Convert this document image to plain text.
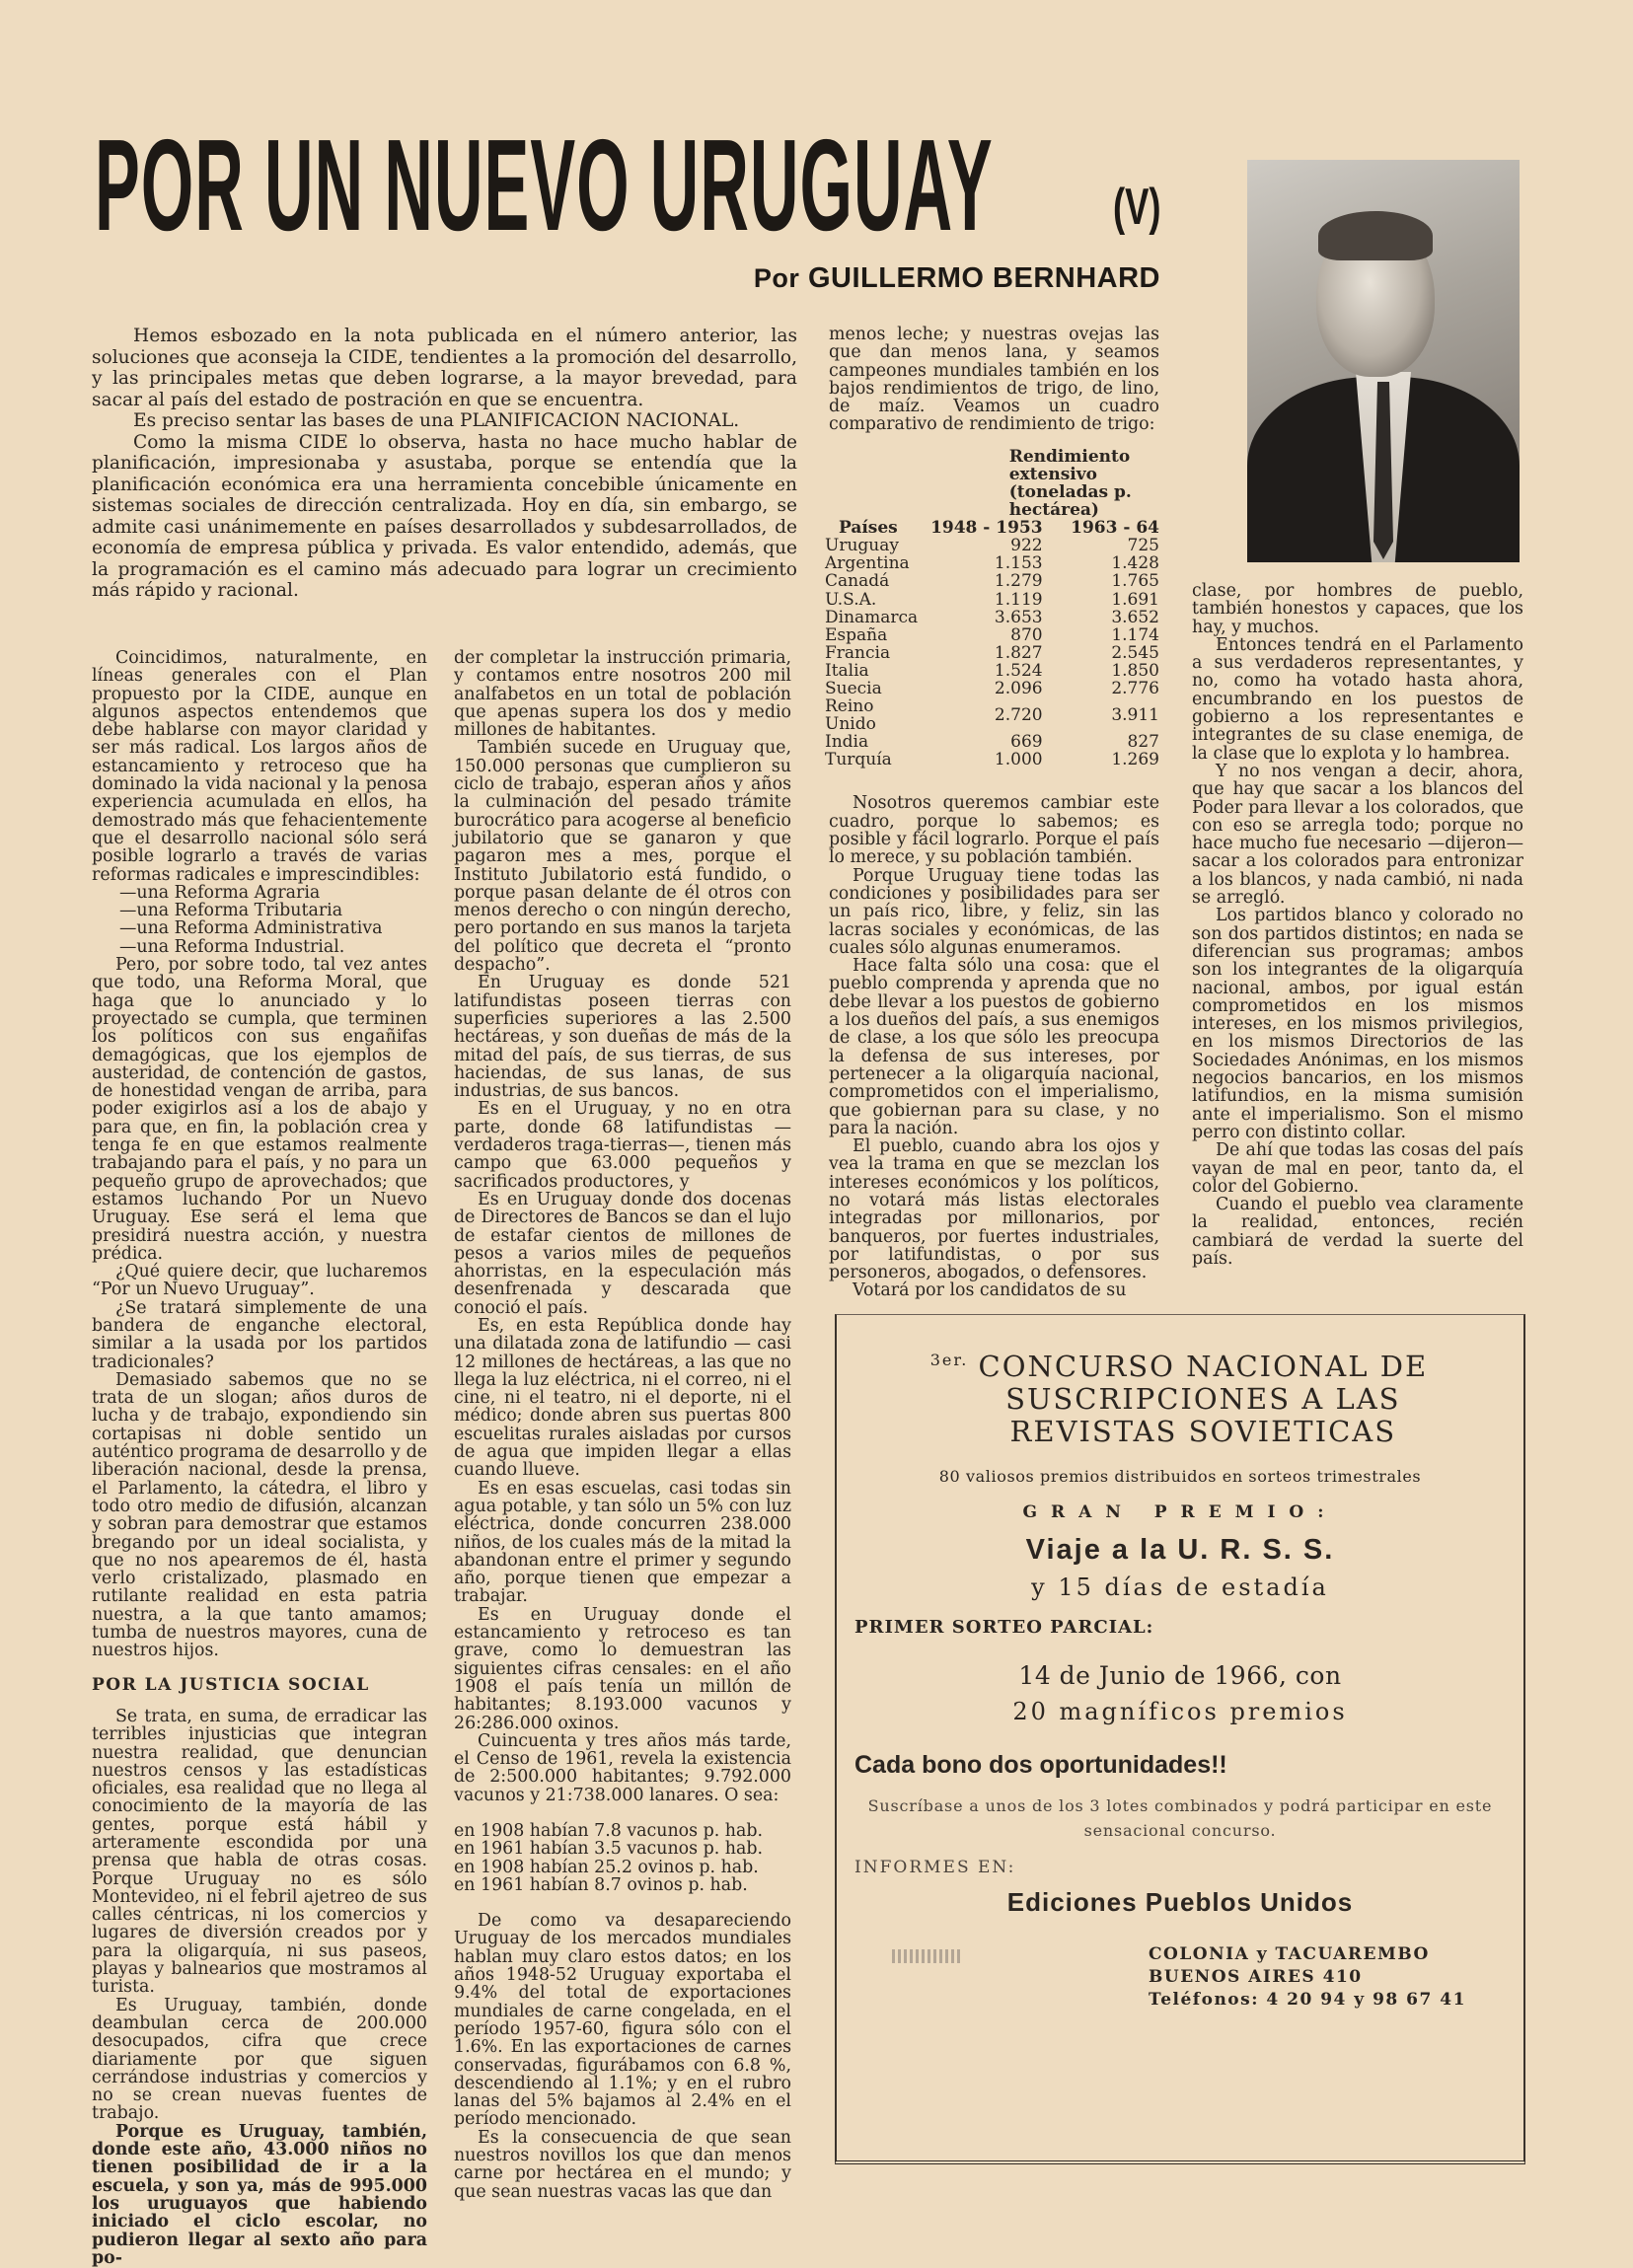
POR UN NUEVO URUGUAY (V)
Por GUILLERMO BERNHARD

Hemos esbozado en la nota publicada en el número anterior, las soluciones que aconseja la CIDE, tendientes a la promoción del desarrollo, y las principales metas que deben lograrse, a la mayor brevedad, para sacar al país del estado de postración en que se encuentra.

Es preciso sentar las bases de una PLANIFICACION NACIONAL.

Como la misma CIDE lo observa, hasta no hace mucho hablar de planificación, impresionaba y asustaba, porque se entendía que la planificación económica era una herramienta concebible únicamente en sistemas sociales de dirección centralizada. Hoy en día, sin embargo, se admite casi unánimemente en países desarrollados y subdesarrollados, de economía de empresa pública y privada. Es valor entendido, además, que la programación es el camino más adecuado para lograr un crecimiento más rápido y racional.

Coincidimos, naturalmente, en líneas generales con el Plan propuesto por la CIDE, aunque en algunos aspectos entendemos que debe hablarse con mayor claridad y ser más radical. Los largos años de estancamiento y retroceso que ha dominado la vida nacional y la penosa experiencia acumulada en ellos, ha demostrado más que fehacientemente que el desarrollo nacional sólo será posible lograrlo a través de varias reformas radicales e imprescindibles:

—una Reforma Agraria

—una Reforma Tributaria

—una Reforma Administrativa

—una Reforma Industrial.

Pero, por sobre todo, tal vez antes que todo, una Reforma Moral, que haga que lo anunciado y lo proyectado se cumpla, que terminen los políticos con sus engañifas demagógicas, que los ejemplos de austeridad, de contención de gastos, de honestidad vengan de arriba, para poder exigirlos así a los de abajo y para que, en fin, la población crea y tenga fe en que estamos realmente trabajando para el país, y no para un pequeño grupo de aprovechados; que estamos luchando Por un Nuevo Uruguay. Ese será el lema que presidirá nuestra acción, y nuestra prédica.

¿Qué quiere decir, que lucharemos “Por un Nuevo Uruguay”.

¿Se tratará simplemente de una bandera de enganche electoral, similar a la usada por los partidos tradicionales?

Demasiado sabemos que no se trata de un slogan; años duros de lucha y de trabajo, expondiendo sin cortapisas ni doble sentido un auténtico programa de desarrollo y de liberación nacional, desde la prensa, el Parlamento, la cátedra, el libro y todo otro medio de difusión, alcanzan y sobran para demostrar que estamos bregando por un ideal socialista, y que no nos apearemos de él, hasta verlo cristalizado, plasmado en rutilante realidad en esta patria nuestra, a la que tanto amamos; tumba de nuestros mayores, cuna de nuestros hijos.

POR LA JUSTICIA SOCIAL

Se trata, en suma, de erradicar las terribles injusticias que integran nuestra realidad, que denuncian nuestros censos y las estadísticas oficiales, esa realidad que no llega al conocimiento de la mayoría de las gentes, porque está hábil y arteramente escondida por una prensa que habla de otras cosas. Porque Uruguay no es sólo Montevideo, ni el febril ajetreo de sus calles céntricas, ni los comercios y lugares de diversión creados por y para la oligarquía, ni sus paseos, playas y balnearios que mostramos al turista.

Es Uruguay, también, donde deambulan cerca de 200.000 desocupados, cifra que crece diariamente por que siguen cerrándose industrias y comercios y no se crean nuevas fuentes de trabajo.

Porque es Uruguay, también, donde este año, 43.000 niños no tienen posibilidad de ir a la escuela, y son ya, más de 995.000 los uruguayos que habiendo iniciado el ciclo escolar, no pudieron llegar al sexto año para po-

der completar la instrucción primaria, y contamos entre nosotros 200 mil analfabetos en un total de población que apenas supera los dos y medio millones de habitantes.

También sucede en Uruguay que, 150.000 personas que cumplieron su ciclo de trabajo, esperan años y años la culminación del pesado trámite burocrático para acogerse al beneficio jubilatorio que se ganaron y que pagaron mes a mes, porque el Instituto Jubilatorio está fundido, o porque pasan delante de él otros con menos derecho o con ningún derecho, pero portando en sus manos la tarjeta del político que decreta el “pronto despacho”.

En Uruguay es donde 521 latifundistas poseen tierras con superficies superiores a las 2.500 hectáreas, y son dueñas de más de la mitad del país, de sus tierras, de sus haciendas, de sus lanas, de sus industrias, de sus bancos.

Es en el Uruguay, y no en otra parte, donde 68 latifundistas —verdaderos traga-tierras—, tienen más campo que 63.000 pequeños y sacrificados productores, y

Es en Uruguay donde dos docenas de Directores de Bancos se dan el lujo de estafar cientos de millones de pesos a varios miles de pequeños ahorristas, en la especulación más desenfrenada y descarada que conoció el país.

Es, en esta República donde hay una dilatada zona de latifundio — casi 12 millones de hectáreas, a las que no llega la luz eléctrica, ni el correo, ni el cine, ni el teatro, ni el deporte, ni el médico; donde abren sus puertas 800 escuelitas rurales aisladas por cursos de agua que impiden llegar a ellas cuando llueve.

Es en esas escuelas, casi todas sin agua potable, y tan sólo un 5% con luz eléctrica, donde concurren 238.000 niños, de los cuales más de la mitad la abandonan entre el primer y segundo año, porque tienen que empezar a trabajar.

Es en Uruguay donde el estancamiento y retroceso es tan grave, como lo demuestran las siguientes cifras censales: en el año 1908 el país tenía un millón de habitantes; 8.193.000 vacunos y 26:286.000 oxinos.

Cuincuenta y tres años más tarde, el Censo de 1961, revela la existencia de 2:500.000 habitantes; 9.792.000 vacunos y 21:738.000 lanares. O sea:

en 1908 habían 7.8 vacunos p. hab.

en 1961 habían 3.5 vacunos p. hab.

en 1908 habían 25.2 ovinos p. hab.

en 1961 habían 8.7 ovinos p. hab.

De como va desapareciendo Uruguay de los mercados mundiales hablan muy claro estos datos; en los años 1948-52 Uruguay exportaba el 9.4% del total de exportaciones mundiales de carne congelada, en el período 1957-60, figura sólo con el 1.6%. En las exportaciones de carnes conservadas, figurábamos con 6.8 %, descendiendo al 1.1%; y en el rubro lanas del 5% bajamos al 2.4% en el período mencionado.

Es la consecuencia de que sean nuestros novillos los que dan menos carne por hectárea en el mundo; y que sean nuestras vacas las que dan

menos leche; y nuestras ovejas las que dan menos lana, y seamos campeones mundiales también en los bajos rendimientos de trigo, de lino, de maíz. Veamos un cuadro comparativo de rendimiento de trigo:

	Rendimiento extensivo	
	(toneladas p. hectárea)	
Países	1948 - 1953	1963 - 64
Uruguay	922	725
Argentina	1.153	1.428
Canadá	1.279	1.765
U.S.A.	1.119	1.691
Dinamarca	3.653	3.652
España	870	1.174
Francia	1.827	2.545
Italia	1.524	1.850
Suecia	2.096	2.776
Reino Unido	2.720	3.911
India	669	827
Turquía	1.000	1.269

Nosotros queremos cambiar este cuadro, porque lo sabemos; es posible y fácil lograrlo. Porque el país lo merece, y su población también.

Porque Uruguay tiene todas las condiciones y posibilidades para ser un país rico, libre, y feliz, sin las lacras sociales y económicas, de las cuales sólo algunas enumeramos.

Hace falta sólo una cosa: que el pueblo comprenda y aprenda que no debe llevar a los puestos de gobierno a los dueños del país, a sus enemigos de clase, a los que sólo les preocupa la defensa de sus intereses, por pertenecer a la oligarquía nacional, comprometidos con el imperialismo, que gobiernan para su clase, y no para la nación.

El pueblo, cuando abra los ojos y vea la trama en que se mezclan los intereses económicos y los políticos, no votará más listas electorales integradas por millonarios, por banqueros, por fuertes industriales, por latifundistas, o por sus personeros, abogados, o defensores.

Votará por los candidatos de su

clase, por hombres de pueblo, también honestos y capaces, que los hay, y muchos.

Entonces tendrá en el Parlamento a sus verdaderos representantes, y no, como ha votado hasta ahora, encumbrando en los puestos de gobierno a los representantes e integrantes de su clase enemiga, de la clase que lo explota y lo hambrea.

Y no nos vengan a decir, ahora, que hay que sacar a los blancos del Poder para llevar a los colorados, que con eso se arregla todo; porque no hace mucho fue necesario —dijeron— sacar a los colorados para entronizar a los blancos, y nada cambió, ni nada se arregló.

Los partidos blanco y colorado no son dos partidos distintos; en nada se diferencian sus programas; ambos son los integrantes de la oligarquía nacional, ambos, por igual están comprometidos en los mismos intereses, en los mismos privilegios, en los mismos Directorios de las Sociedades Anónimas, en los mismos negocios bancarios, en los mismos latifundios, en la misma sumisión ante el imperialismo. Son el mismo perro con distinto collar.

De ahí que todas las cosas del país vayan de mal en peor, tanto da, el color del Gobierno.

Cuando el pueblo vea claramente la realidad, entonces, recién cambiará de verdad la suerte del país.

$^{3er.}$ CONCURSO NACIONAL DE SUSCRIPCIONES A LAS REVISTAS SOVIETICAS
80 valiosos premios distribuidos en sorteos trimestrales
GRAN PREMIO:
Viaje a la U. R. S. S.
y 15 días de estadía
PRIMER SORTEO PARCIAL:
14 de Junio de 1966, con
20 magníficos premios
Cada bono dos oportunidades!!
Suscríbase a unos de los 3 lotes combinados y podrá participar en este sensacional concurso.
INFORMES EN:
Ediciones Pueblos Unidos
COLONIA y TACUAREMBO
BUENOS AIRES 410
Teléfonos: 4 20 94 y 98 67 41
